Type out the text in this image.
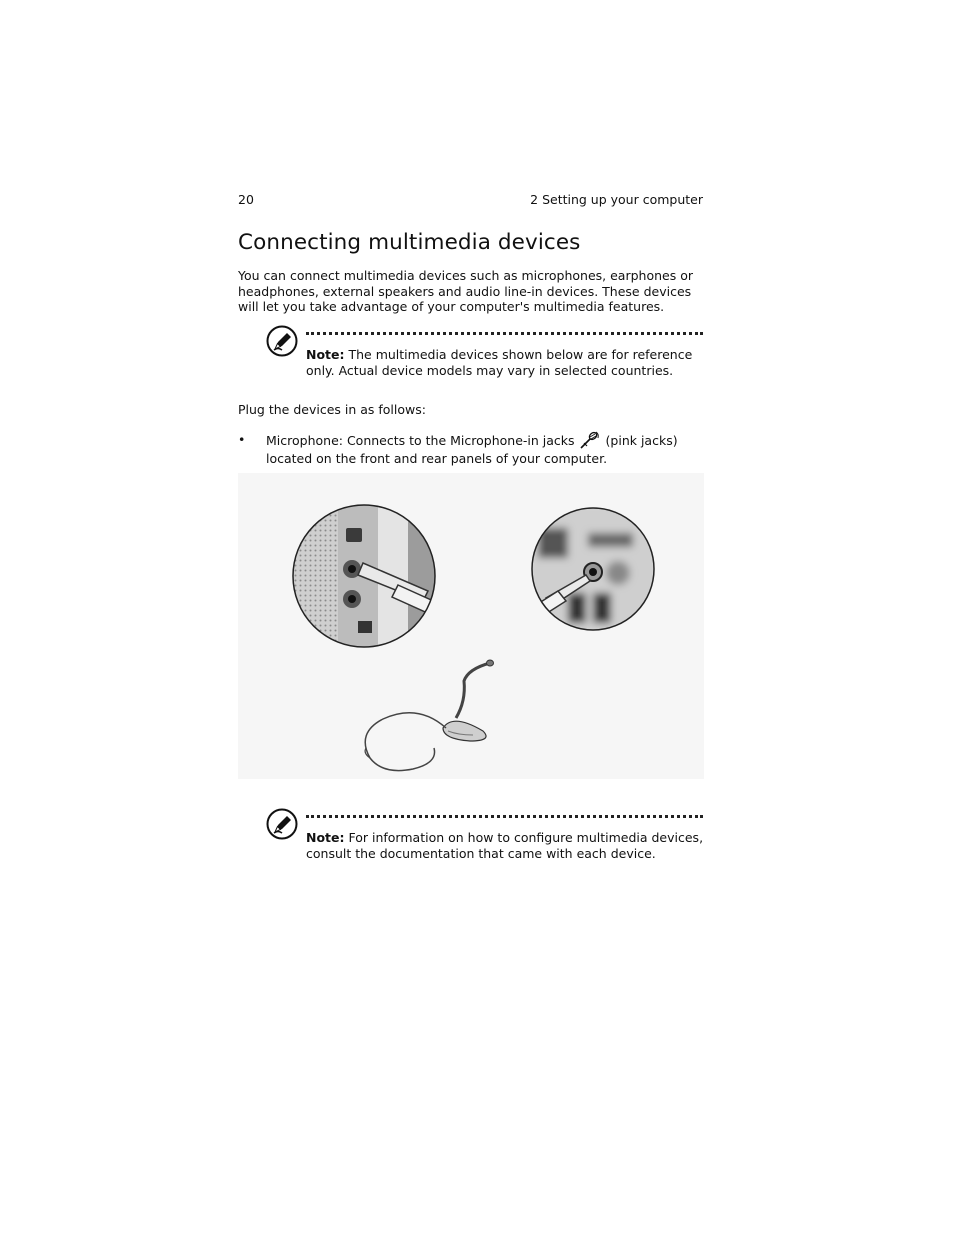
20	2 Setting up your computer
Connecting multimedia devices

You can connect multimedia devices such as microphones, earphones or headphones, external speakers and audio line-in devices. These devices will let you take advantage of your computer's multimedia features.

Note: The multimedia devices shown below are for reference only. Actual device models may vary in selected countries.

Plug the devices in as follows:

• Microphone: Connects to the Microphone-in jacks (pink jacks) located on the front and rear panels of your computer.

Note: For information on how to configure multimedia devices, consult the documentation that came with each device.
